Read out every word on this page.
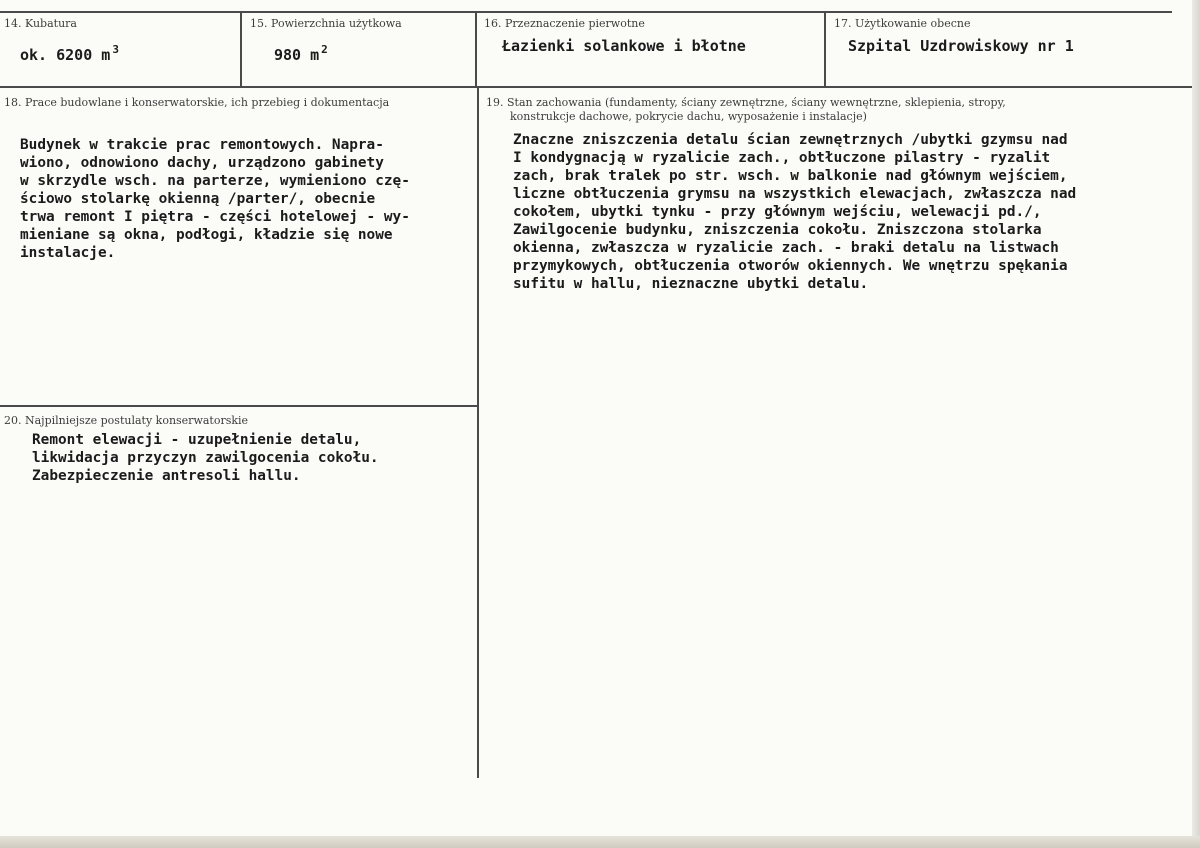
14. Kubatura
ok. 6200 m $^3$
15. Powierzchnia użytkowa
980 m $^2$
16. Przeznaczenie pierwotne
Łazienki solankowe i błotne
17. Użytkowanie obecne
Szpital Uzdrowiskowy nr 1
18. Prace budowlane i konserwatorskie, ich przebieg i dokumentacja
Budynek w trakcie prac remontowych. Napra-
wiono, odnowiono dachy, urządzono gabinety
w skrzydle wsch. na parterze, wymieniono czę-
ściowo stolarkę okienną /parter/, obecnie
trwa remont I piętra - części hotelowej - wy-
mieniane są okna, podłogi, kładzie się nowe
instalacje.
19. Stan zachowania (fundamenty, ściany zewnętrzne, ściany wewnętrzne, sklepienia, stropy,
konstrukcje dachowe, pokrycie dachu, wyposażenie i instalacje)
Znaczne zniszczenia detalu ścian zewnętrznych /ubytki gzymsu nad
I kondygnacją w ryzalicie zach., obtłuczone pilastry - ryzalit
zach, brak tralek po str. wsch. w balkonie nad głównym wejściem,
liczne obtłuczenia grymsu na wszystkich elewacjach, zwłaszcza nad
cokołem, ubytki tynku - przy głównym wejściu, welewacji pd./,
Zawilgocenie budynku, zniszczenia cokołu. Zniszczona stolarka
okienna, zwłaszcza w ryzalicie zach. - braki detalu na listwach
przymykowych, obtłuczenia otworów okiennych. We wnętrzu spękania
sufitu w hallu, nieznaczne ubytki detalu.
20. Najpilniejsze postulaty konserwatorskie
Remont elewacji - uzupełnienie detalu,
likwidacja przyczyn zawilgocenia cokołu.
Zabezpieczenie antresoli hallu.
